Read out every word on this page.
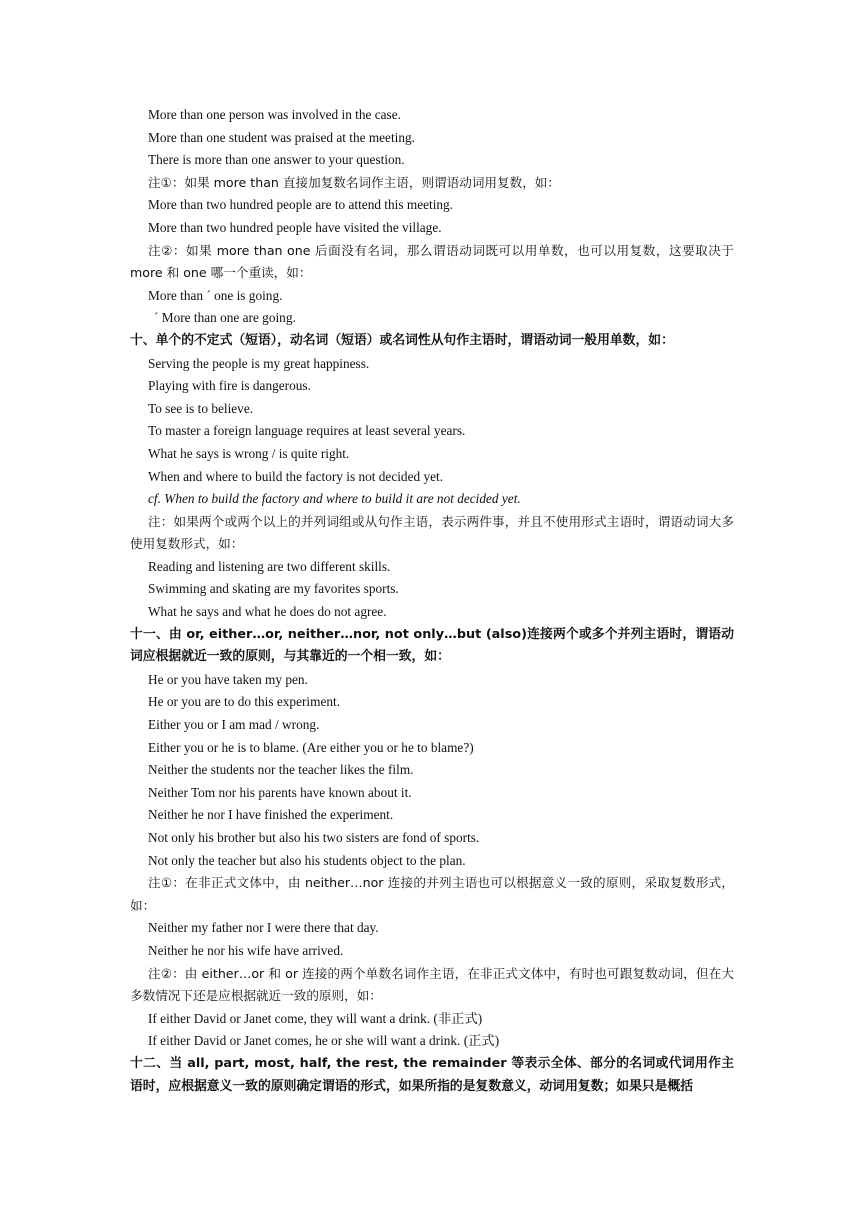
More than one person was involved in the case.
More than one student was praised at the meeting.
There is more than one answer to your question.
注①：如果 more than 直接加复数名词作主语，则谓语动词用复数，如：
More than two hundred people are to attend this meeting.
More than two hundred people have visited the village.
注②：如果 more than one 后面没有名词，那么谓语动词既可以用单数，也可以用复数，这要取决于 more 和 one 哪一个重读，如：
More than ˊ one is going.
ˊ More than one are going.
十、单个的不定式（短语），动名词（短语）或名词性从句作主语时，谓语动词一般用单数，如：
Serving the people is my great happiness.
Playing with fire is dangerous.
To see is to believe.
To master a foreign language requires at least several years.
What he says is wrong / is quite right.
When and where to build the factory is not decided yet.
cf. When to build the factory and where to build it are not decided yet.
注：如果两个或两个以上的并列词组或从句作主语，表示两件事，并且不使用形式主语时，谓语动词大多使用复数形式，如：
Reading and listening are two different skills.
Swimming and skating are my favorites sports.
What he says and what he does do not agree.
十一、由 or, either…or, neither…nor, not only…but (also)连接两个或多个并列主语时，谓语动词应根据就近一致的原则，与其靠近的一个相一致，如：
He or you have taken my pen.
He or you are to do this experiment.
Either you or I am mad / wrong.
Either you or he is to blame. (Are either you or he to blame?)
Neither the students nor the teacher likes the film.
Neither Tom nor his parents have known about it.
Neither he nor I have finished the experiment.
Not only his brother but also his two sisters are fond of sports.
Not only the teacher but also his students object to the plan.
注①：在非正式文体中，由 neither…nor 连接的并列主语也可以根据意义一致的原则，采取复数形式，如：
Neither my father nor I were there that day.
Neither he nor his wife have arrived.
注②：由 either…or 和 or 连接的两个单数名词作主语，在非正式文体中，有时也可跟复数动词，但在大多数情况下还是应根据就近一致的原则，如：
If either David or Janet come, they will want a drink. (非正式)
If either David or Janet comes, he or she will want a drink. (正式)
十二、当 all, part, most, half, the rest, the remainder 等表示全体、部分的名词或代词用作主语时，应根据意义一致的原则确定谓语的形式，如果所指的是复数意义，动词用复数；如果只是概括
